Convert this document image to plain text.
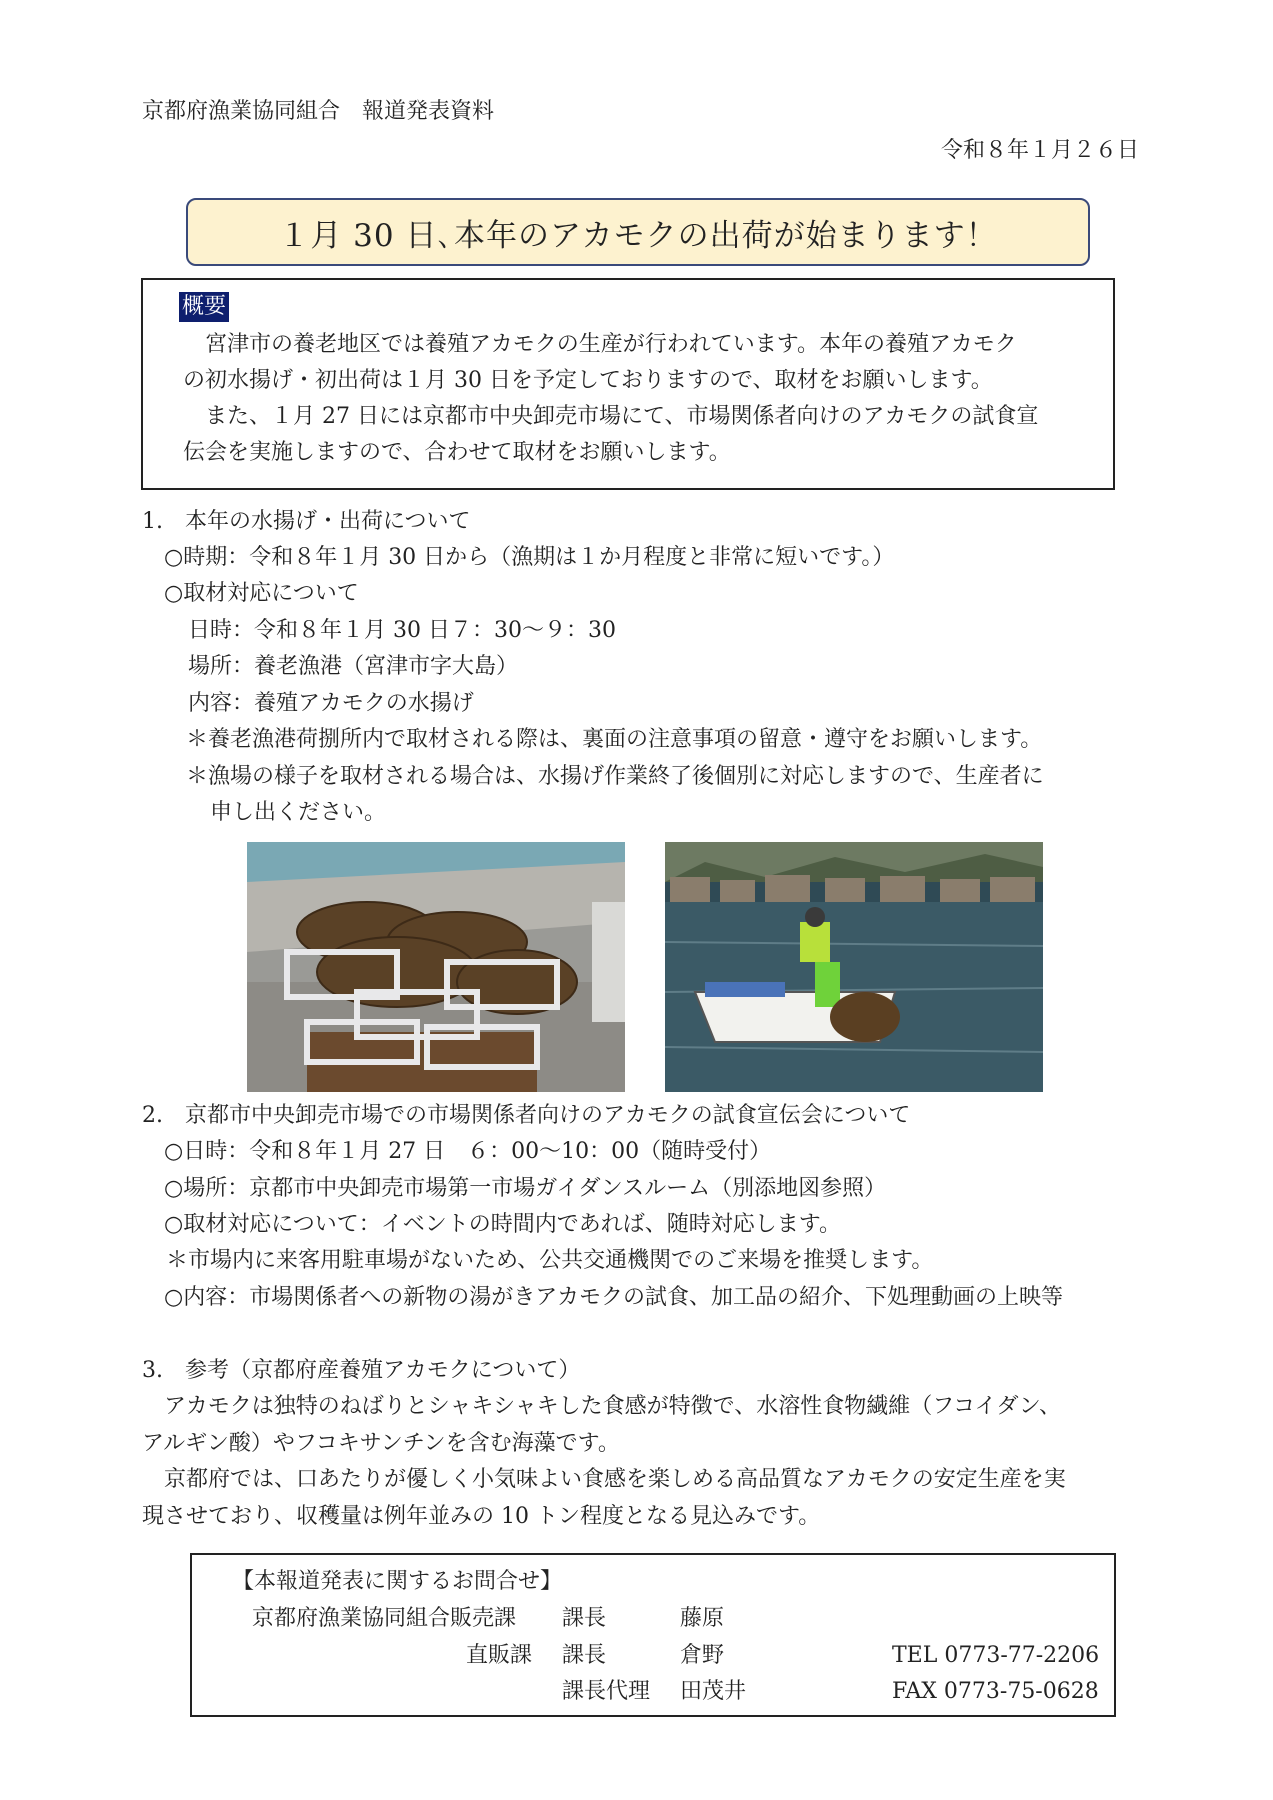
京都府漁業協同組合　報道発表資料
令和８年１月２６日
１月 30 日､本年のアカモクの出荷が始まります！
概要
　宮津市の養老地区では養殖アカモクの生産が行われています。本年の養殖アカモク
の初水揚げ・初出荷は１月 30 日を予定しておりますので、取材をお願いします。
　また、１月 27 日には京都市中央卸売市場にて、市場関係者向けのアカモクの試食宣
伝会を実施しますので、合わせて取材をお願いします。
1.　本年の水揚げ・出荷について
○時期：令和８年１月 30 日から（漁期は１か月程度と非常に短いです。）
○取材対応について
日時：令和８年１月 30 日７：30～９：30
場所：養老漁港（宮津市字大島）
内容：養殖アカモクの水揚げ
＊養老漁港荷捌所内で取材される際は、裏面の注意事項の留意・遵守をお願いします。
＊漁場の様子を取材される場合は、水揚げ作業終了後個別に対応しますので、生産者に
申し出ください。
2.　京都市中央卸売市場での市場関係者向けのアカモクの試食宣伝会について
○日時：令和８年１月 27 日　６：00～10：00（随時受付）
○場所：京都市中央卸売市場第一市場ガイダンスルーム（別添地図参照）
○取材対応について：イベントの時間内であれば、随時対応します。
＊市場内に来客用駐車場がないため、公共交通機関でのご来場を推奨します。
○内容：市場関係者への新物の湯がきアカモクの試食、加工品の紹介、下処理動画の上映等
3.　参考（京都府産養殖アカモクについて）
　アカモクは独特のねばりとシャキシャキした食感が特徴で、水溶性食物繊維（フコイダン、
アルギン酸）やフコキサンチンを含む海藻です。
　京都府では、口あたりが優しく小気味よい食感を楽しめる高品質なアカモクの安定生産を実
現させており、収穫量は例年並みの 10 トン程度となる見込みです。
【本報道発表に関するお問合せ】
京都府漁業協同組合販売課 課長	藤原
直販課 課長	倉野	TEL 0773-77-2206
課長代理 田茂井	FAX 0773-75-0628
